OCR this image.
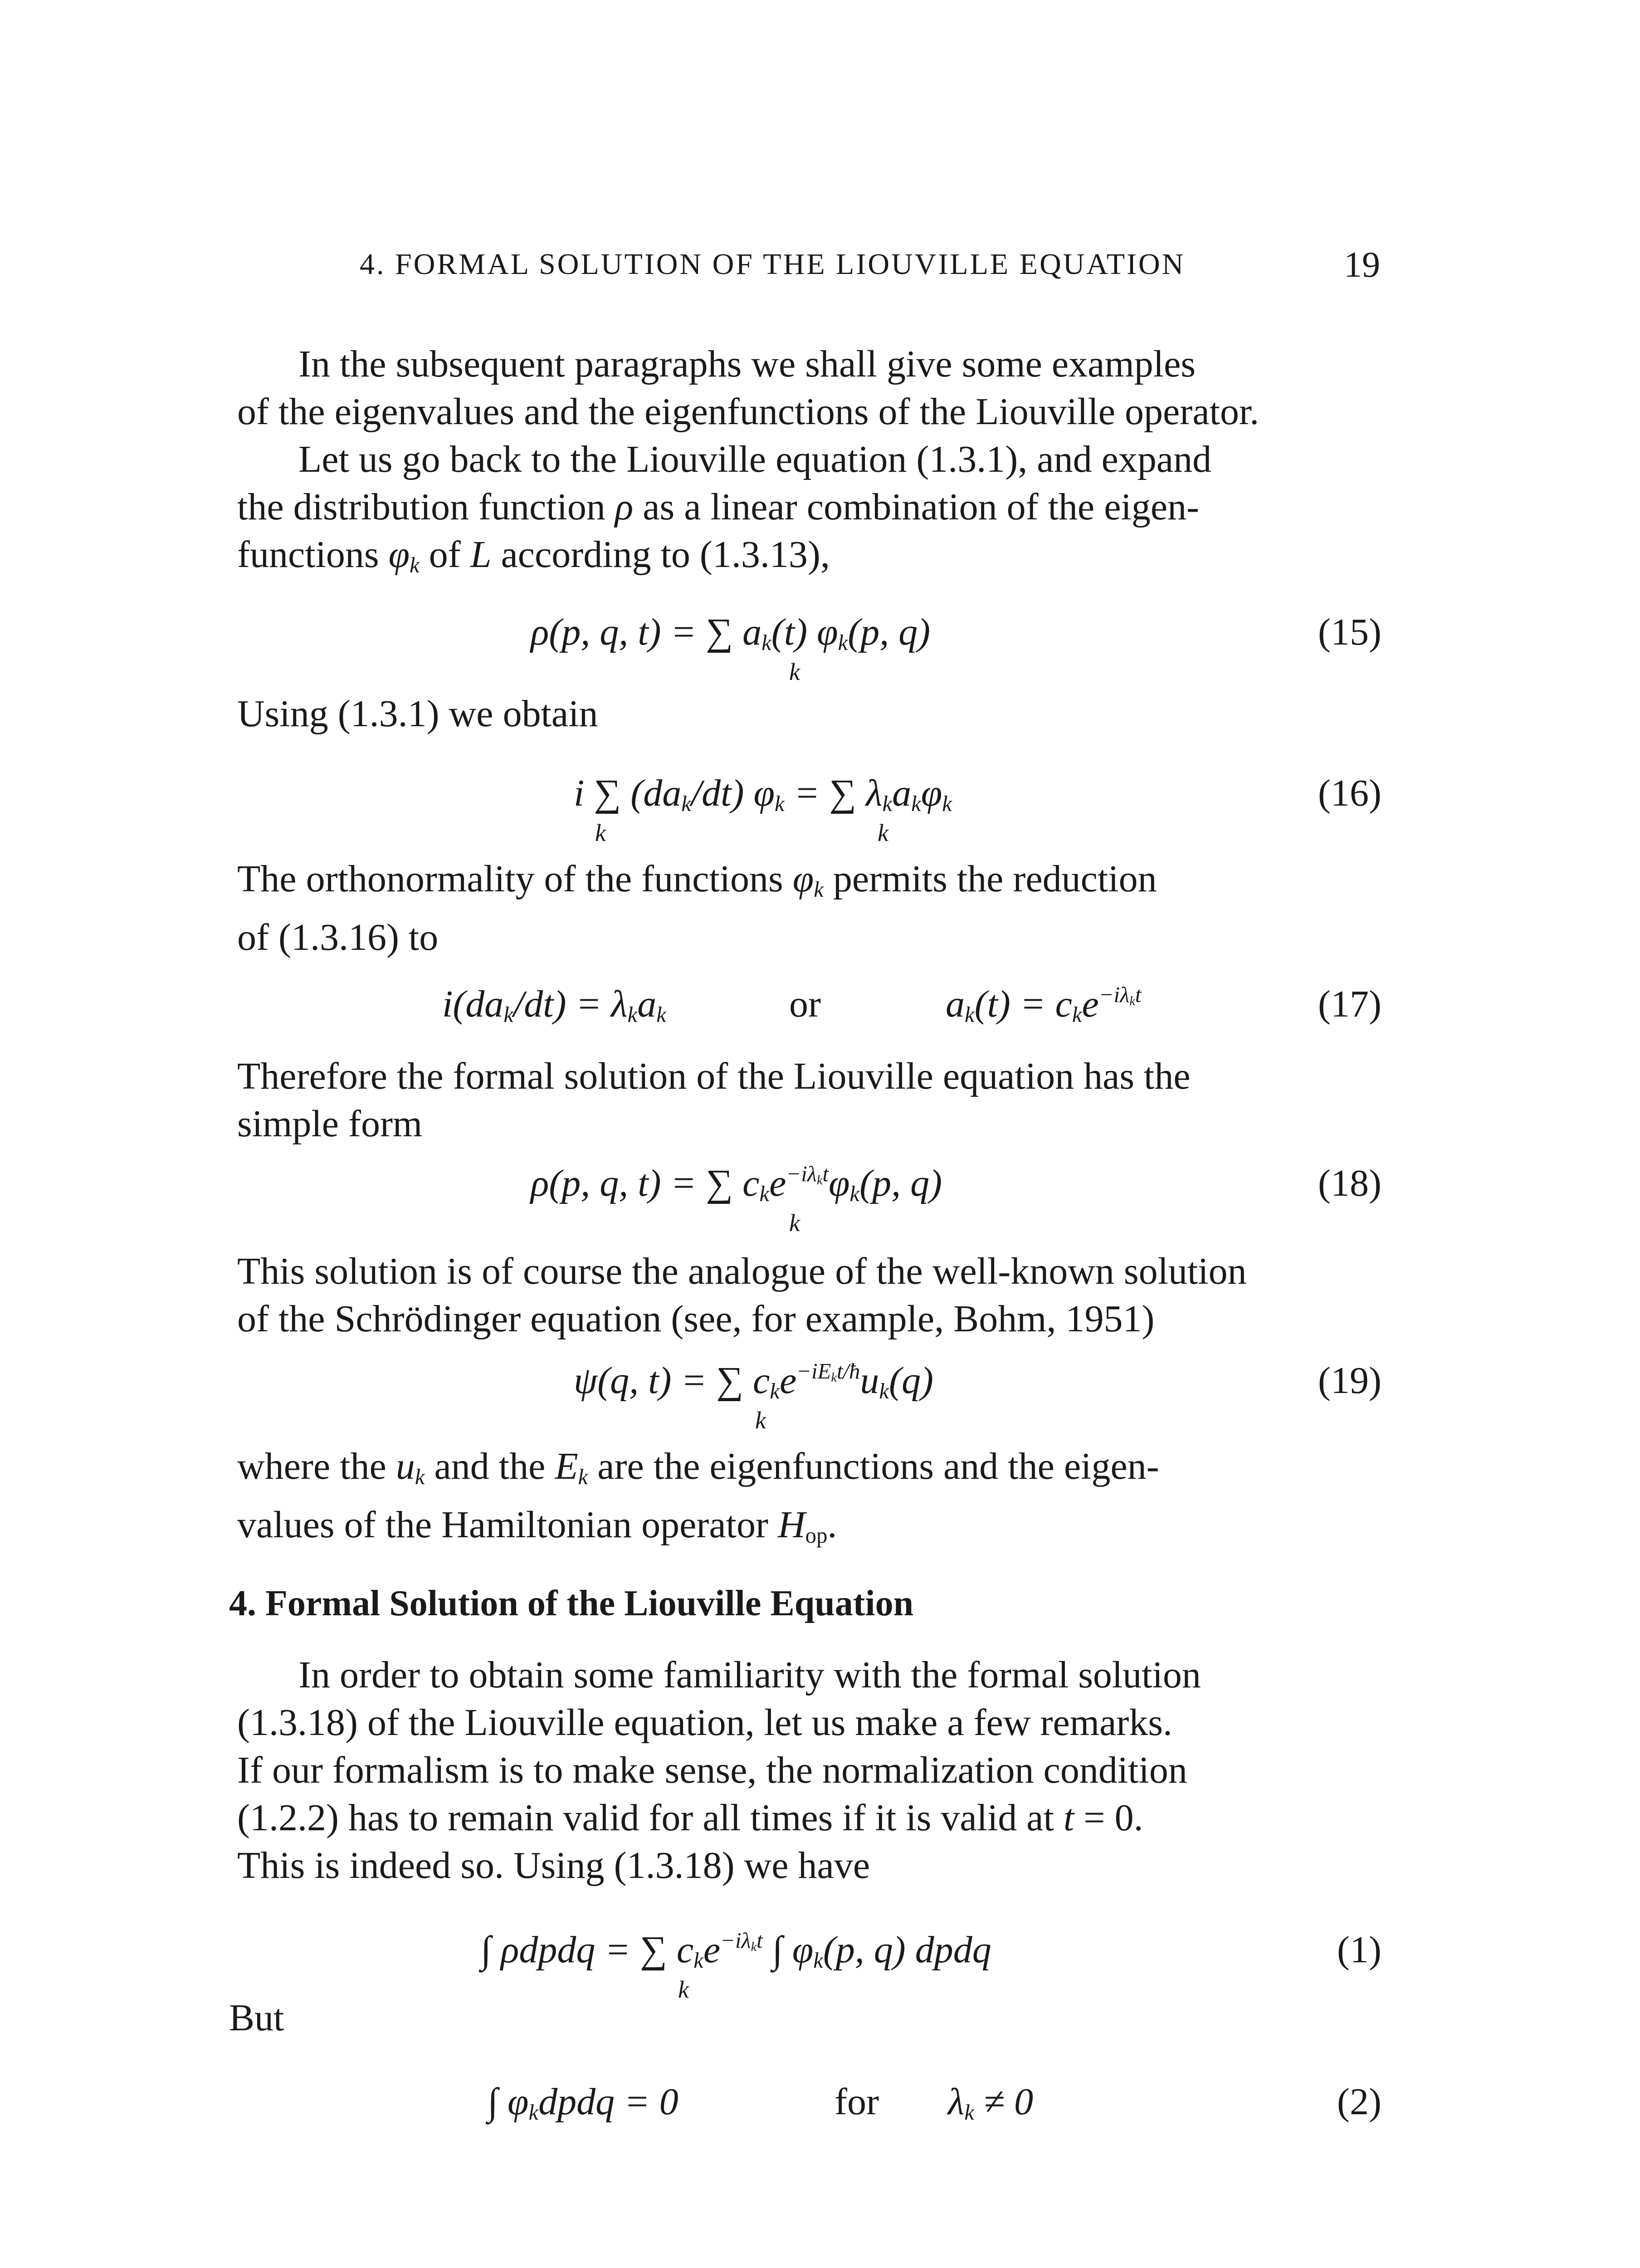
4. FORMAL SOLUTION OF THE LIOUVILLE EQUATION	19
In the subsequent paragraphs we shall give some examples
of the eigenvalues and the eigenfunctions of the Liouville operator.
Let us go back to the Liouville equation (1.3.1), and expand
the distribution function ρ as a linear combination of the eigen-
functions $\varphi_k$ of L according to (1.3.13),
ρ(p, q, t) = ∑ $a_k(t)$ $\varphi_k(p$, q)
k
(15)
Using (1.3.1) we obtain
i ∑ $(da_k/dt) \varphi_k$ = ∑ $\lambda_ka_k\varphi_k$
k	k
(16)
The orthonormality of the functions $\varphi_k$ permits the reduction
of (1.3.16) to
$i(da_k/dt) = \lambda_ka_k$	or	$a_k(t) = c_ke^{-i\lambda_kt}$	(17)
Therefore the formal solution of the Liouville equation has the
simple form
ρ(p, q, t) = ∑ $c_ke^{-i\lambda_kt}\varphi_k(p$, q)
k
(18)
This solution is of course the analogue of the well-known solution
of the Schrödinger equation (see, for example, Bohm, 1951)
ψ(q, t) = ∑ $c_ke^{-iE_kt/ħ}u_k(q)$
k
(19)
where the $u_k$ and the $E_k$ are the eigenfunctions and the eigen-
values of the Hamiltonian operator $H_{op}$.
4. Formal Solution of the Liouville Equation
In order to obtain some familiarity with the formal solution
(1.3.18) of the Liouville equation, let us make a few remarks.
If our formalism is to make sense, the normalization condition
(1.2.2) has to remain valid for all times if it is valid at t = 0.
This is indeed so. Using (1.3.18) we have
∫ ρdpdq = ∑ $c_ke^{-i\lambda_kt}$ ∫ $\varphi_k(p$, q) dpdq
k
(1)
But
∫ $\varphi_kdpdq = 0$	for $\lambda_k \ne 0$	(2)
